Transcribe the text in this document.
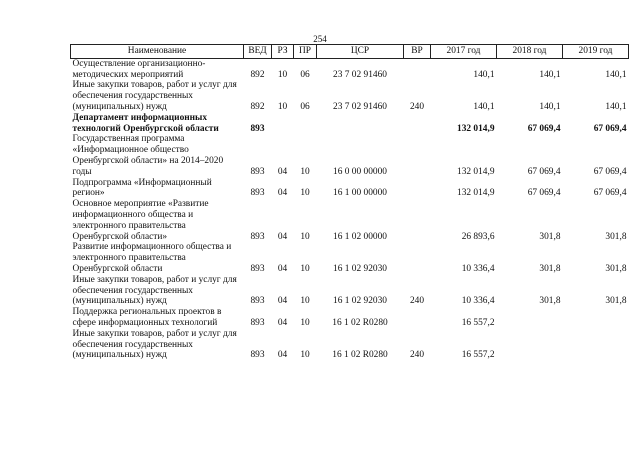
254
Наименование	ВЕД	РЗ	ПР	ЦСР	ВР	2017 год	2018 год	2019 год
Осуществление организационно-методических мероприятий	892	10	06	23 7 02 91460		140,1	140,1	140,1
Иные закупки товаров, работ и услуг для обеспечения государственных (муниципальных) нужд	892	10	06	23 7 02 91460	240	140,1	140,1	140,1
Департамент информационных технологий Оренбургской области	893					132 014,9	67 069,4	67 069,4
Государственная программа «Информационное общество Оренбургской области» на 2014–2020 годы	893	04	10	16 0 00 00000		132 014,9	67 069,4	67 069,4
Подпрограмма «Информационный регион»	893	04	10	16 1 00 00000		132 014,9	67 069,4	67 069,4
Основное мероприятие «Развитие информационного общества и электронного правительства Оренбургской области»	893	04	10	16 1 02 00000		26 893,6	301,8	301,8
Развитие информационного общества и электронного правительства Оренбургской области	893	04	10	16 1 02 92030		10 336,4	301,8	301,8
Иные закупки товаров, работ и услуг для обеспечения государственных (муниципальных) нужд	893	04	10	16 1 02 92030	240	10 336,4	301,8	301,8
Поддержка региональных проектов в сфере информационных технологий	893	04	10	16 1 02 R0280		16 557,2		
Иные закупки товаров, работ и услуг для обеспечения государственных (муниципальных) нужд	893	04	10	16 1 02 R0280	240	16 557,2		
